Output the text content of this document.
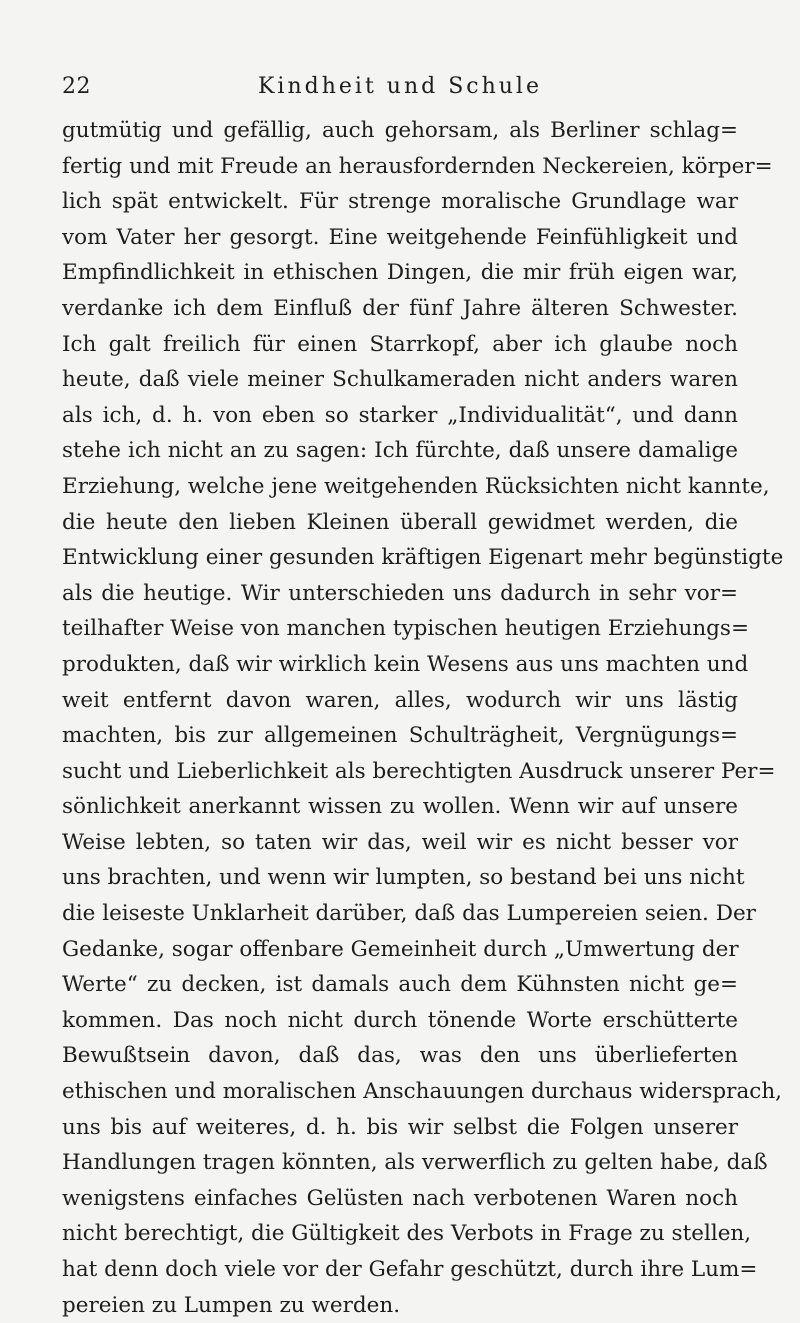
22	Kindheit und Schule
gutmütig und gefällig, auch gehorsam, als Berliner schlag=
fertig und mit Freude an herausfordernden Neckereien, körper=
lich spät entwickelt. Für strenge moralische Grundlage war
vom Vater her gesorgt. Eine weitgehende Feinfühligkeit und
Empfindlichkeit in ethischen Dingen, die mir früh eigen war,
verdanke ich dem Einfluß der fünf Jahre älteren Schwester.
Ich galt freilich für einen Starrkopf, aber ich glaube noch
heute, daß viele meiner Schulkameraden nicht anders waren
als ich, d. h. von eben so starker „Individualität“, und dann
stehe ich nicht an zu sagen: Ich fürchte, daß unsere damalige
Erziehung, welche jene weitgehenden Rücksichten nicht kannte,
die heute den lieben Kleinen überall gewidmet werden, die
Entwicklung einer gesunden kräftigen Eigenart mehr begünstigte
als die heutige. Wir unterschieden uns dadurch in sehr vor=
teilhafter Weise von manchen typischen heutigen Erziehungs=
produkten, daß wir wirklich kein Wesens aus uns machten und
weit entfernt davon waren, alles, wodurch wir uns lästig
machten, bis zur allgemeinen Schulträgheit, Vergnügungs=
sucht und Lieberlichkeit als berechtigten Ausdruck unserer Per=
sönlichkeit anerkannt wissen zu wollen. Wenn wir auf unsere
Weise lebten, so taten wir das, weil wir es nicht besser vor
uns brachten, und wenn wir lumpten, so bestand bei uns nicht
die leiseste Unklarheit darüber, daß das Lumpereien seien. Der
Gedanke, sogar offenbare Gemeinheit durch „Umwertung der
Werte“ zu decken, ist damals auch dem Kühnsten nicht ge=
kommen. Das noch nicht durch tönende Worte erschütterte
Bewußtsein davon, daß das, was den uns überlieferten
ethischen und moralischen Anschauungen durchaus widersprach,
uns bis auf weiteres, d. h. bis wir selbst die Folgen unserer
Handlungen tragen könnten, als verwerflich zu gelten habe, daß
wenigstens einfaches Gelüsten nach verbotenen Waren noch
nicht berechtigt, die Gültigkeit des Verbots in Frage zu stellen,
hat denn doch viele vor der Gefahr geschützt, durch ihre Lum=
pereien zu Lumpen zu werden.
